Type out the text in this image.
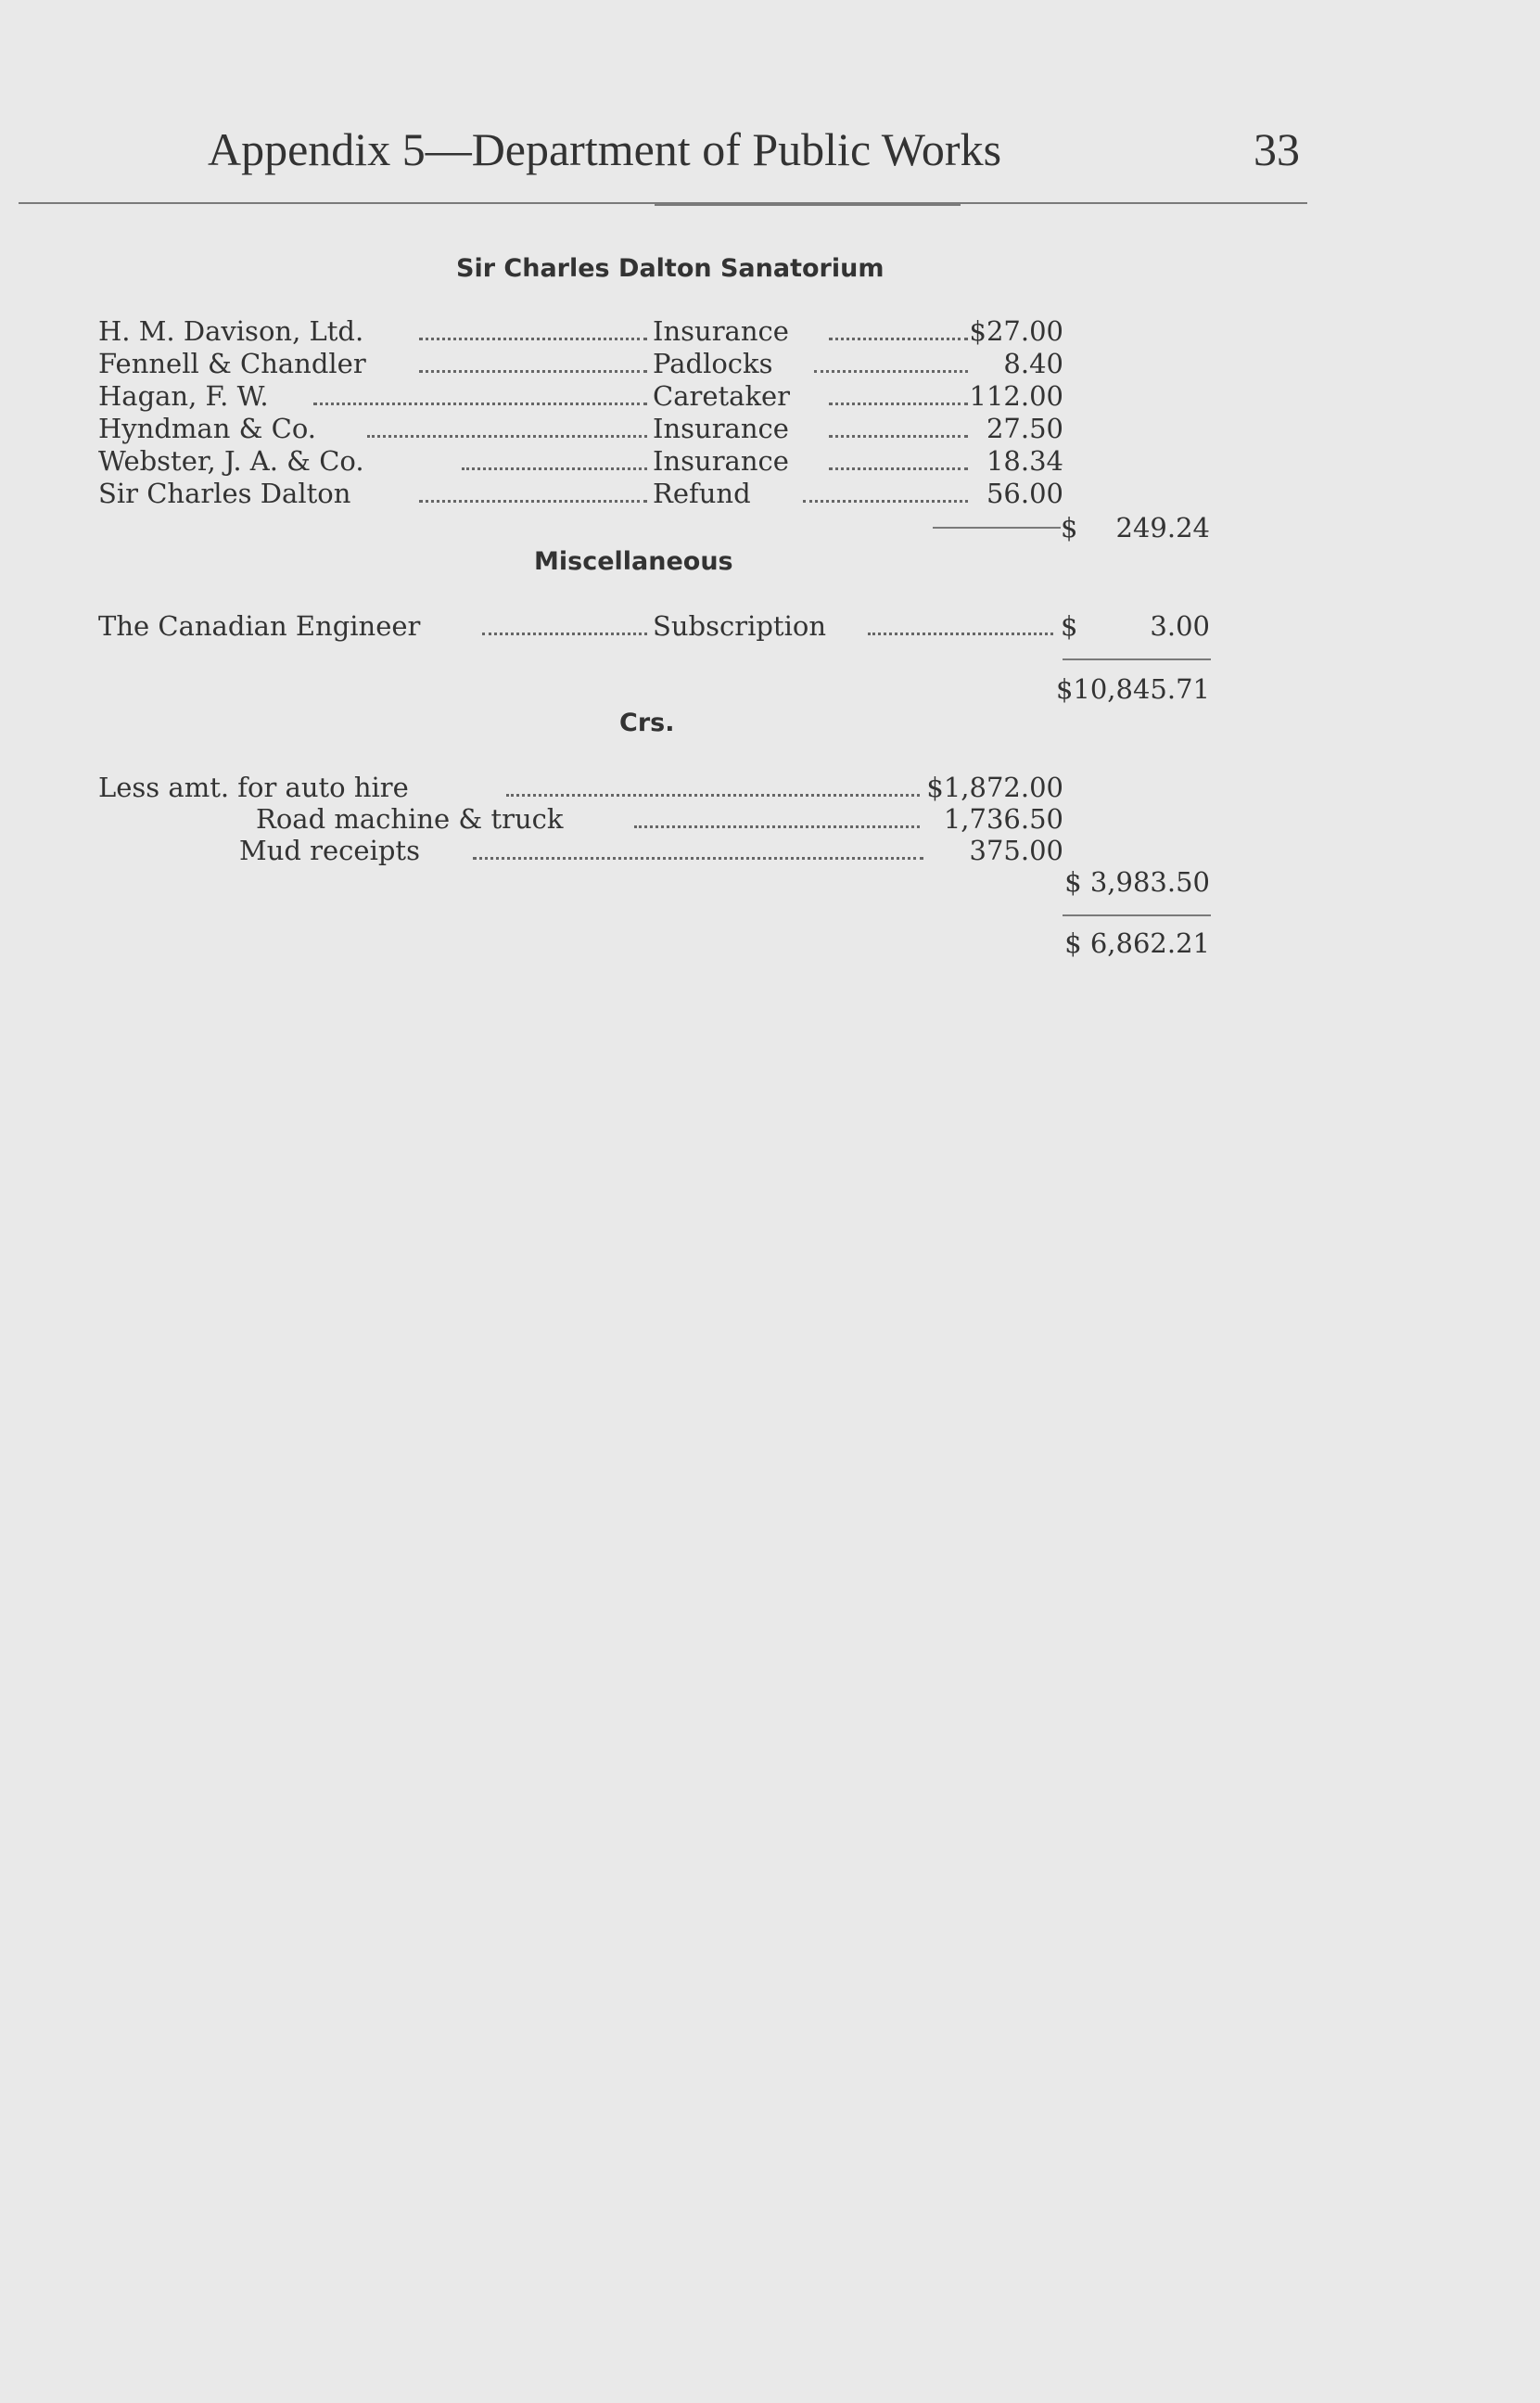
Appendix 5—Department of Public Works	33
Sir Charles Dalton Sanatorium
H. M. Davison, Ltd.	Insurance	$27.00
Fennell & Chandler	Padlocks	8.40
Hagan, F. W.	Caretaker	112.00
Hyndman & Co.	Insurance	27.50
Webster, J. A. & Co.	Insurance	18.34
Sir Charles Dalton	Refund	56.00
$ 249.24
Miscellaneous
The Canadian Engineer	Subscription	$	3.00
$10,845.71
Crs.
Less amt. for auto hire	$1,872.00
Road machine & truck	1,736.50
Mud receipts	375.00
$ 3,983.50
$ 6,862.21
